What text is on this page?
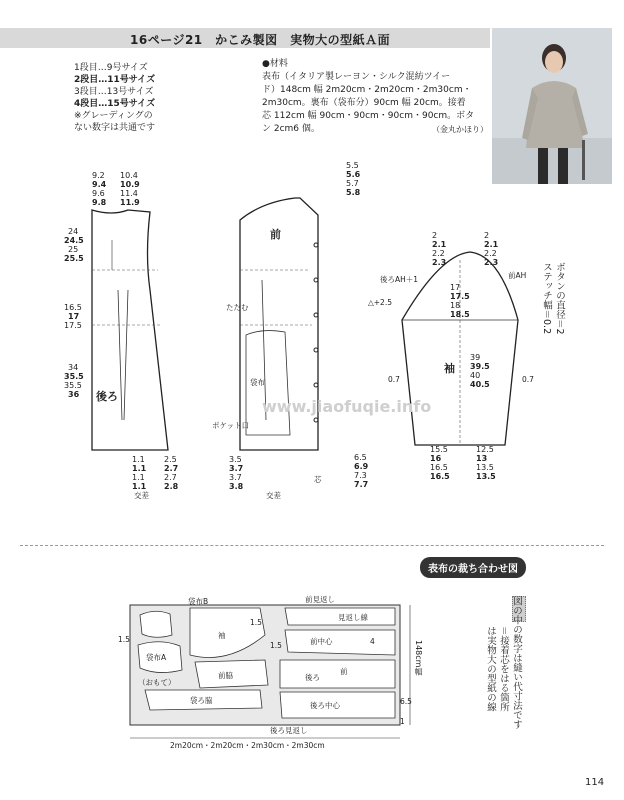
16ページ21　かこみ製図　実物大の型紙Ａ面
1段目…9号サイズ
2段目…11号サイズ
3段目…13号サイズ
4段目…15号サイズ
※グレーディングの
ない数字は共通です
●材料
表布（イタリア製レーヨン・シルク混紡ツイー
ド）148cm 幅 2m20cm・2m20cm・2m30cm・
2m30cm。裏布（袋布分）90cm 幅 20cm。接着
芯 112cm 幅 90cm・90cm・90cm・90cm。ボタ
ン 2cm6 個。	（金丸かほり）
後ろ
9.2
9.4
9.6
9.8
10.4
10.9
11.4
11.9
24
24.5
25
25.5
16.5
17
17.5
34
35.5
35.5
36
1.1
1.1
1.1
1.1
2.5
2.7
2.7
2.8
交差
前
たたむ
袋布
ポケット口
5.5
5.6
5.7
5.8
6.5
6.9
7.3
7.7
3.5
3.7
3.7
3.8
交差
芯
袖
後ろAH＋1	前AH
△+2.5
2
2.1
2.2
2.3
2
2.1
2.2
2.3
17
17.5
18
18.5
39
39.5
40
40.5
15.5
16
16.5
16.5
12.5
13
13.5
13.5
0.7	0.7
www.jiaofuqie.info
ボタンの直径＝2
ステッチ幅＝0.2
表布の裁ち合わせ図
袋布B	前見返し
見返し線
前中心
前
袖
袋布A
（おもて）
前脇	後ろ
袋ろ脇
後ろ中心
後ろ見返し
1.5
1.5
1.5	4
6.5
1
2m20cm・2m20cm・2m30cm・2m30cm
148cm幅	図の中の数字は縫い代寸法です
＝接着芯をはる箇所
は実物大の型紙の線
114
